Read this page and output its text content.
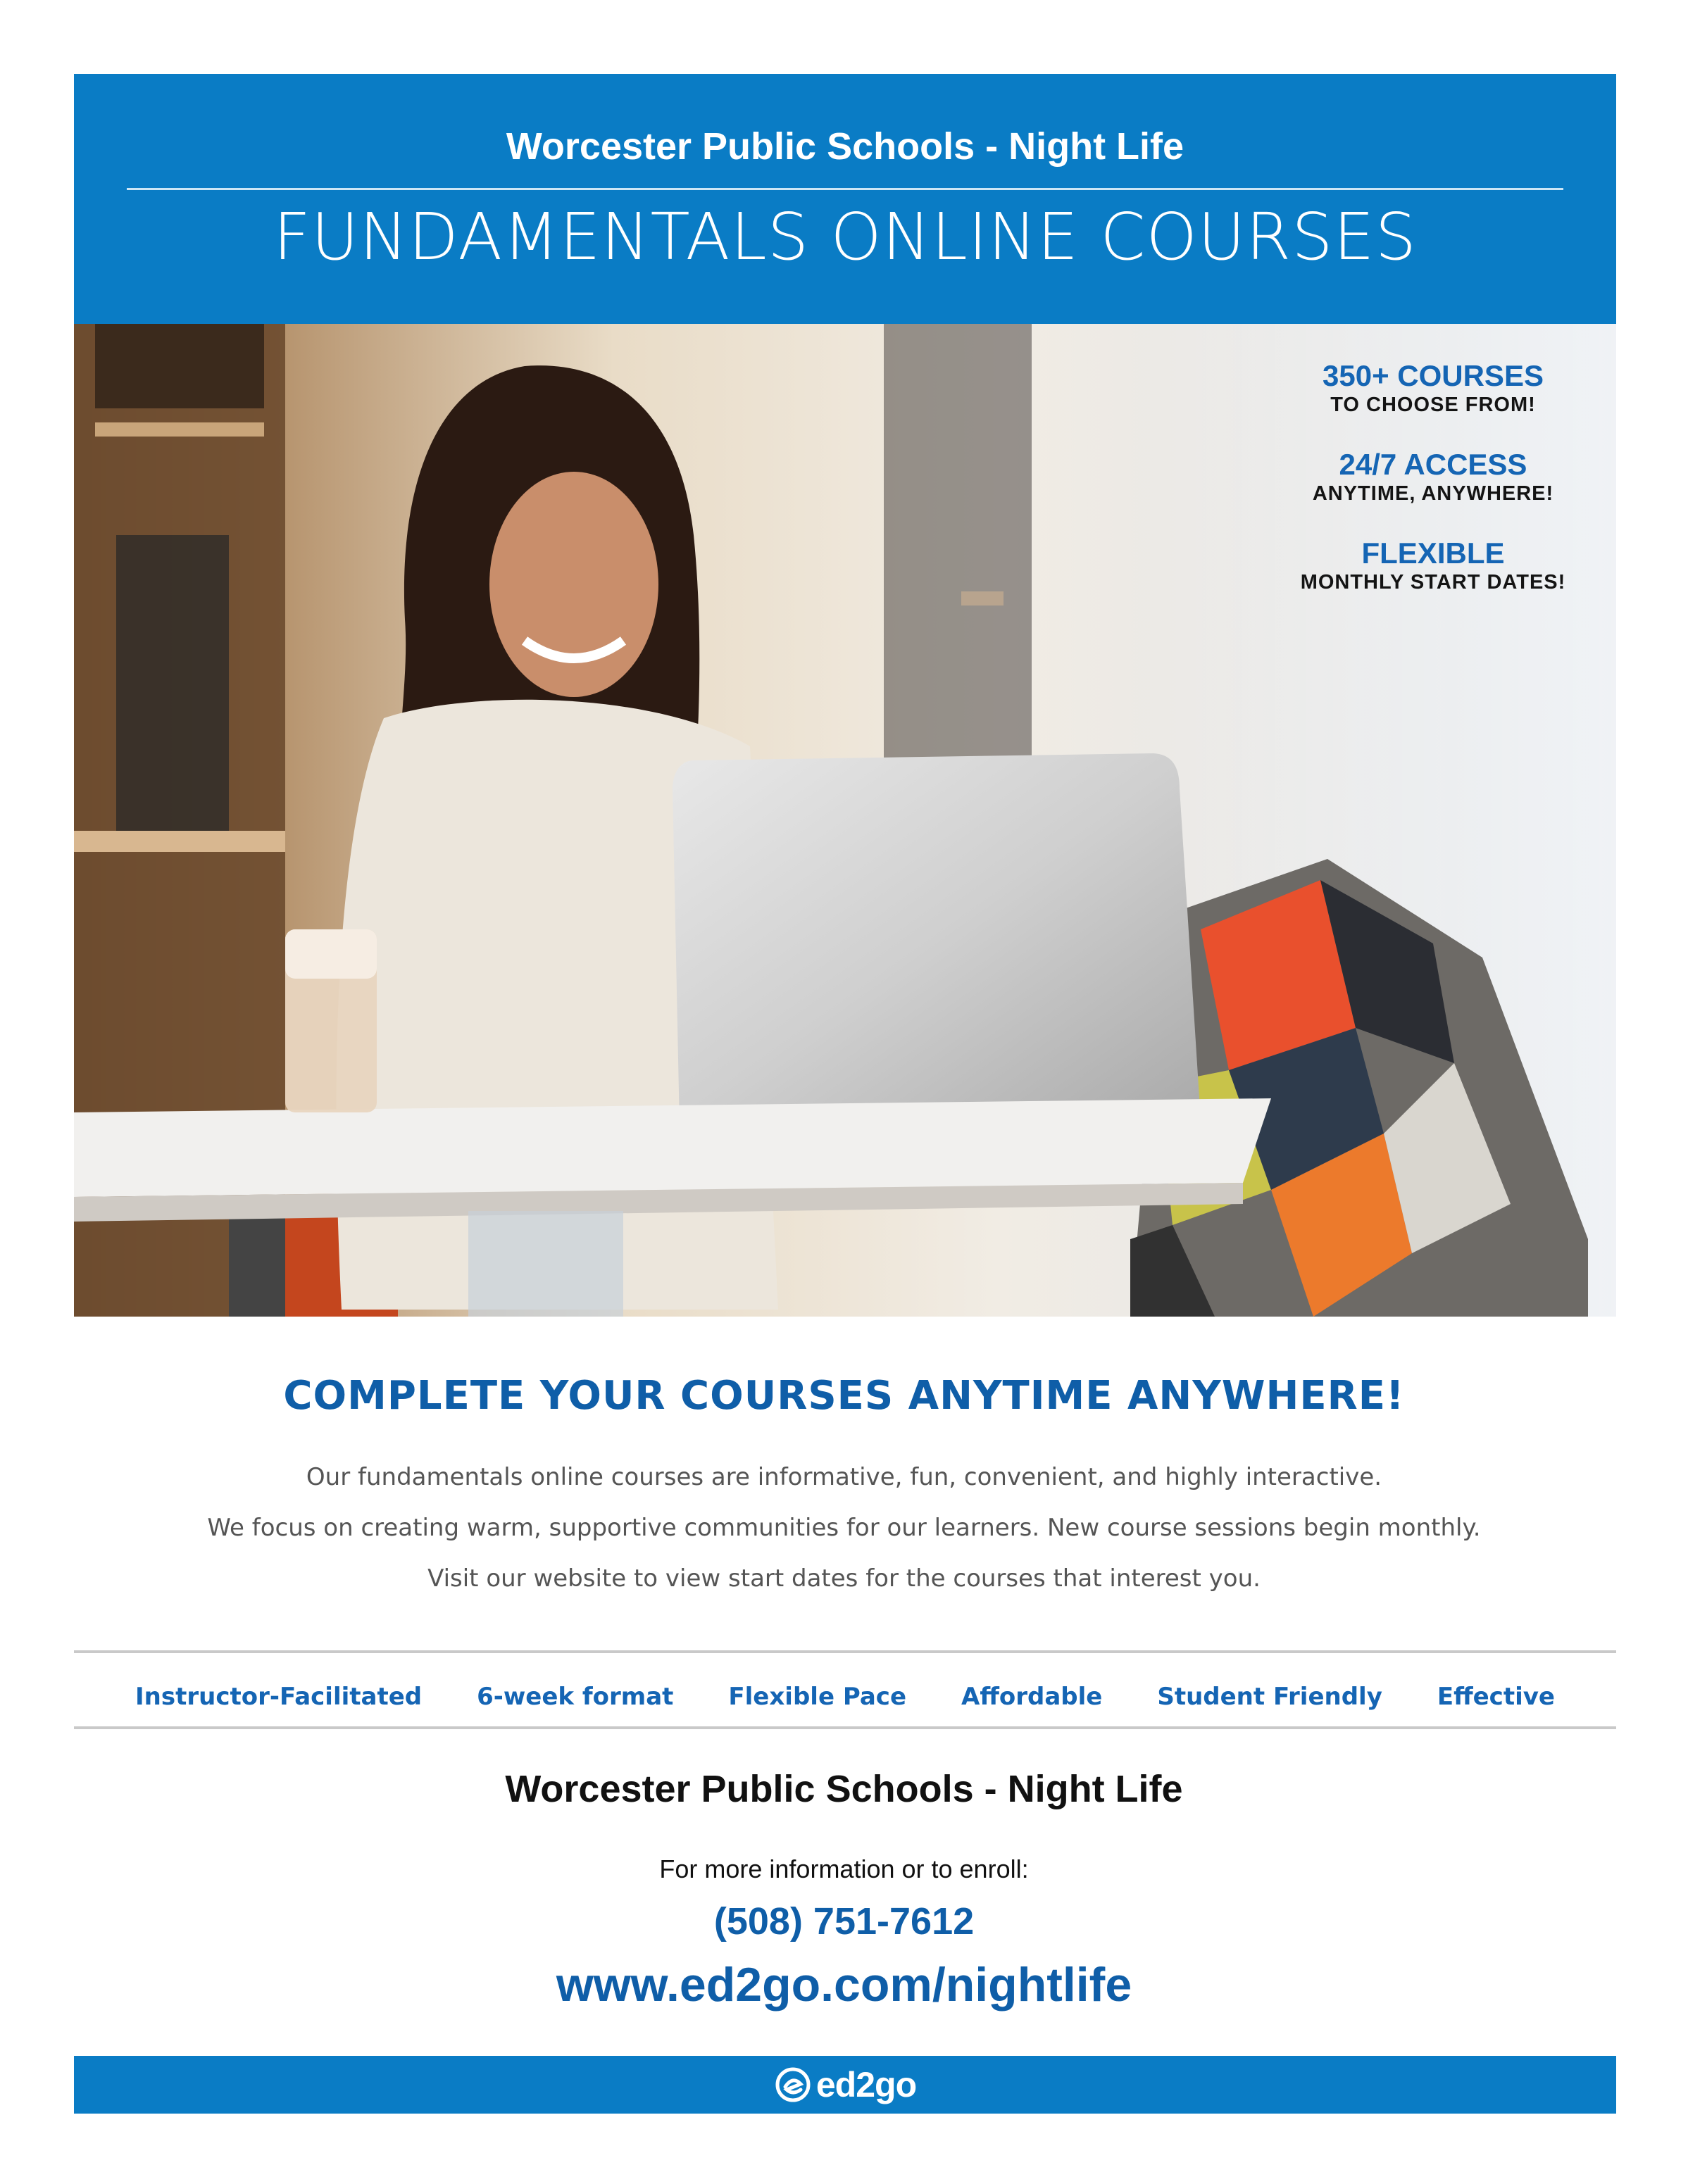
Worcester Public Schools - Night Life
FUNDAMENTALS ONLINE COURSES
350+ COURSES
TO CHOOSE FROM!
24/7 ACCESS
ANYTIME, ANYWHERE!
FLEXIBLE
MONTHLY START DATES!
COMPLETE YOUR COURSES ANYTIME ANYWHERE!
Our fundamentals online courses are informative, fun, convenient, and highly interactive.
We focus on creating warm, supportive communities for our learners. New course sessions begin monthly.
Visit our website to view start dates for the courses that interest you.
Instructor-Facilitated 6-week format Flexible Pace Affordable Student Friendly Effective
Worcester Public Schools - Night Life
For more information or to enroll:
(508) 751-7612
www.ed2go.com/nightlife
ed2go
